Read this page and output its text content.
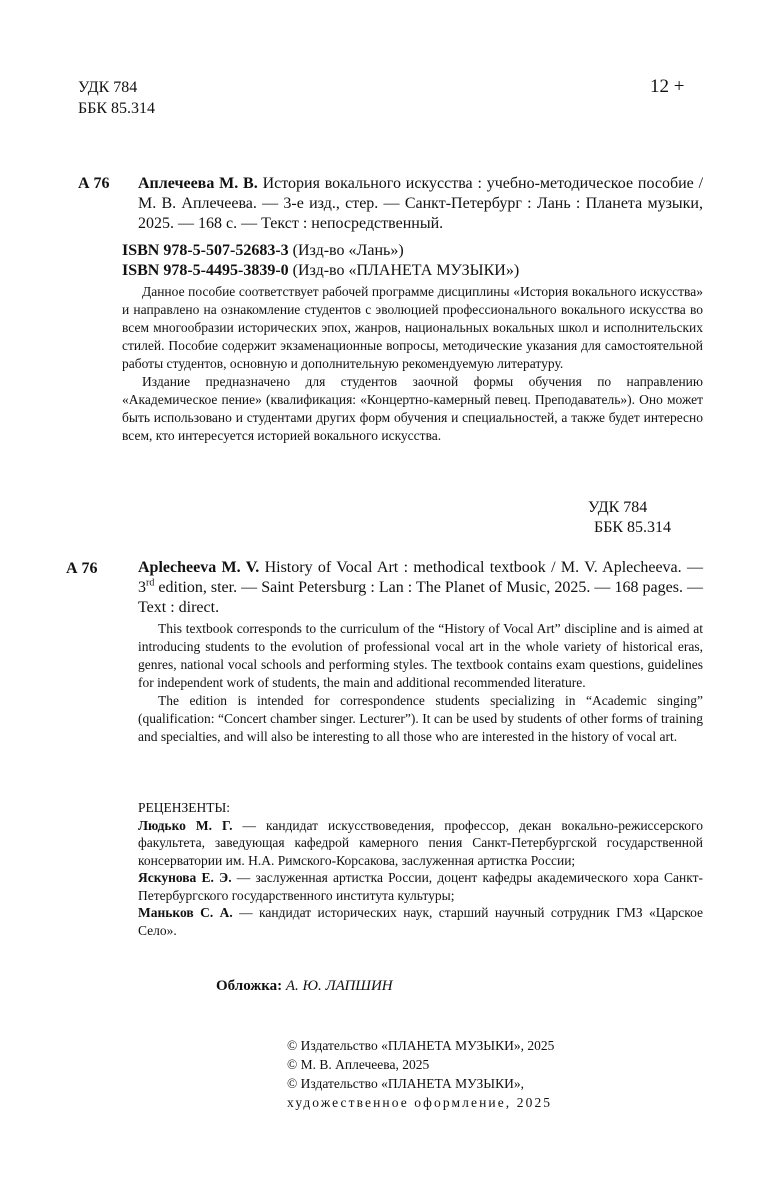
УДК 784
ББК 85.314
12 +
А 76 Аплечеева М. В. История вокального искусства : учебно-методическое пособие / М. В. Аплечеева. — 3-е изд., стер. — Санкт-Петербург : Лань : Планета музыки, 2025. — 168 с. — Текст : непосредственный.

ISBN 978-5-507-52683-3 (Изд-во «Лань»)
ISBN 978-5-4495-3839-0 (Изд-во «ПЛАНЕТА МУЗЫКИ»)

Данное пособие соответствует рабочей программе дисциплины «История вокального искусства» и направлено на ознакомление студентов с эволюцией профессионального вокального искусства во всем многообразии исторических эпох, жанров, национальных вокальных школ и исполнительских стилей. Пособие содержит экзаменационные вопросы, методические указания для самостоятельной работы студентов, основную и дополнительную рекомендуемую литературу.

Издание предназначено для студентов заочной формы обучения по направлению «Академическое пение» (квалификация: «Концертно-камерный певец. Преподаватель»). Оно может быть использовано и студентами других форм обучения и специальностей, а также будет интересно всем, кто интересуется историей вокального искусства.

УДК 784
ББК 85.314
А 76	Aplecheeva M. V. History of Vocal Art : methodical textbook / M. V. Aplecheeva. — 3rd edition, ster. — Saint Petersburg : Lan : The Planet of Music, 2025. — 168 pages. — Text : direct.

This textbook corresponds to the curriculum of the “History of Vocal Art” discipline and is aimed at introducing students to the evolution of professional vocal art in the whole variety of historical eras, genres, national vocal schools and performing styles. The textbook contains exam questions, guidelines for independent work of students, the main and additional recommended literature.

The edition is intended for correspondence students specializing in “Academic singing” (qualification: “Concert chamber singer. Lecturer”). It can be used by students of other forms of training and specialties, and will also be interesting to all those who are interested in the history of vocal art.

РЕЦЕНЗЕНТЫ:

Людько М. Г. — кандидат искусствоведения, профессор, декан вокально-режиссерского факультета, заведующая кафедрой камерного пения Санкт-Петербургской государственной консерватории им. Н.А. Римского-Корсакова, заслуженная артистка России;

Яскунова Е. Э. — заслуженная артистка России, доцент кафедры академического хора Санкт-Петербургского государственного института культуры;

Маньков С. А. — кандидат исторических наук, старший научный сотрудник ГМЗ «Царское Село».

Обложка: А. Ю. ЛАПШИН
© Издательство «ПЛАНЕТА МУЗЫКИ», 2025
© М. В. Аплечеева, 2025
© Издательство «ПЛАНЕТА МУЗЫКИ»,
художественное оформление, 2025
